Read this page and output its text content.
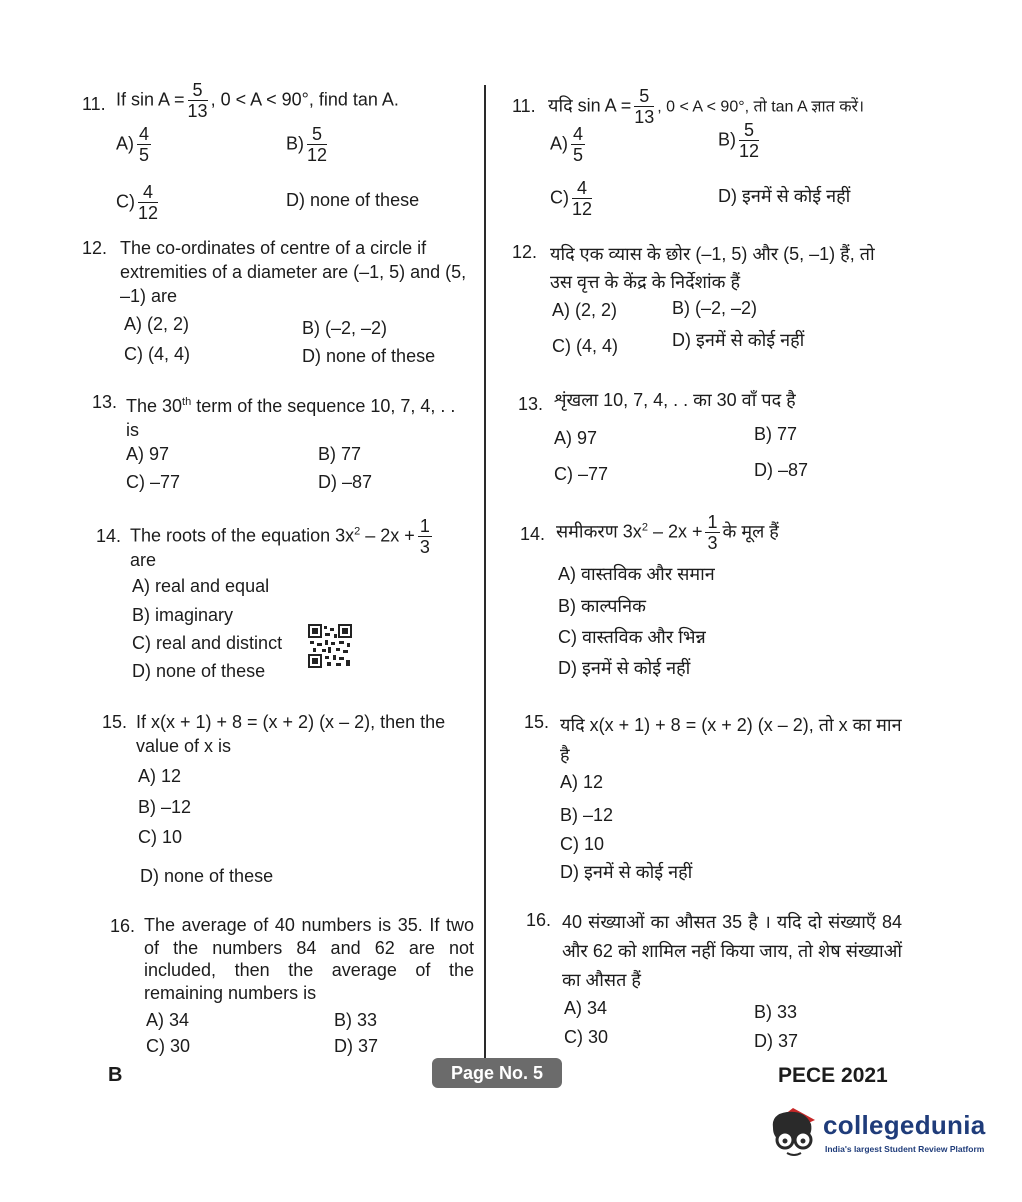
11. If $\sin A = \frac{5}{13}$ , 0 < A < 90°, find tan A.
$A) \frac{4}{5}$	$B) \frac{5}{12}$
$C) \frac{4}{12}$	D) none of these
12. The co-ordinates of centre of a circle if extremities of a diameter are (–1, 5) and (5, –1) are
A) (2, 2)	B) (–2, –2)
C) (4, 4)	D) none of these
13. The 30th term of the sequence 10, 7, 4, . . is
A) 97	B) 77
C) –77	D) –87
14. The roots of the equation $3x^2 - 2x + \frac{1}{3}$
are
A) real and equal
B) imaginary
C) real and distinct
D) none of these
15. If x(x + 1) + 8 = (x + 2) (x – 2), then the value of x is
A) 12
B) –12
C) 10
D) none of these
16. The average of 40 numbers is 35. If two of the numbers 84 and 62 are not included, then the average of the remaining numbers is
A) 34	B) 33
C) 30	D) 37
11. यदि $\sin A = \frac{5}{13}$ , 0 < A < 90°, तो tan A ज्ञात करें।
$A) \frac{4}{5}$	$B) \frac{5}{12}$
$C) \frac{4}{12}$	D) इनमें से कोई नहीं
12. यदि एक व्यास के छोर (–1, 5) और (5, –1) हैं, तो उस वृत्त के केंद्र के निर्देशांक हैं
A) (2, 2)	B) (–2, –2)
C) (4, 4)	D) इनमें से कोई नहीं
13. शृंखला 10, 7, 4, . . का 30 वाँ पद है
A) 97	B) 77
C) –77	D) –87
14. समीकरण $3x^2 - 2x + \frac{1}{3}$ के मूल हैं
A) वास्तविक और समान
B) काल्पनिक
C) वास्तविक और भिन्न
D) इनमें से कोई नहीं
15. यदि x(x + 1) + 8 = (x + 2) (x – 2), तो x का मान है
A) 12
B) –12
C) 10
D) इनमें से कोई नहीं
16. 40 संख्याओं का औसत 35 है । यदि दो संख्याएँ 84 और 62 को शामिल नहीं किया जाय, तो शेष संख्याओं का औसत हैं
A) 34	B) 33
C) 30	D) 37
B	Page No. 5	PECE 2021
collegedunia
India's largest Student Review Platform
